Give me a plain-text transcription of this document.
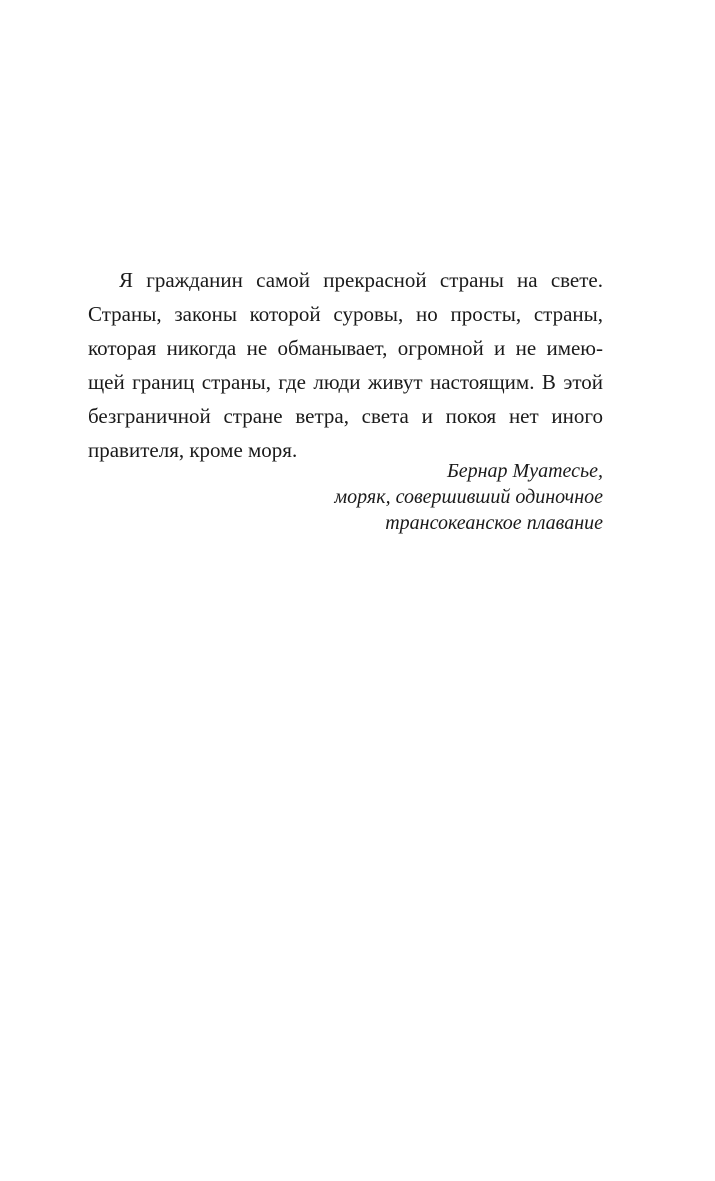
Я гражданин самой прекрасной страны на свете.
Страны, законы которой суровы, но просты, страны,
которая никогда не обманывает, огромной и не имею-
щей границ страны, где люди живут настоящим. В этой
безграничной стране ветра, света и покоя нет иного
правителя, кроме моря.
Бернар Муатесье,
моряк, совершивший одиночное
трансокеанское плавание
